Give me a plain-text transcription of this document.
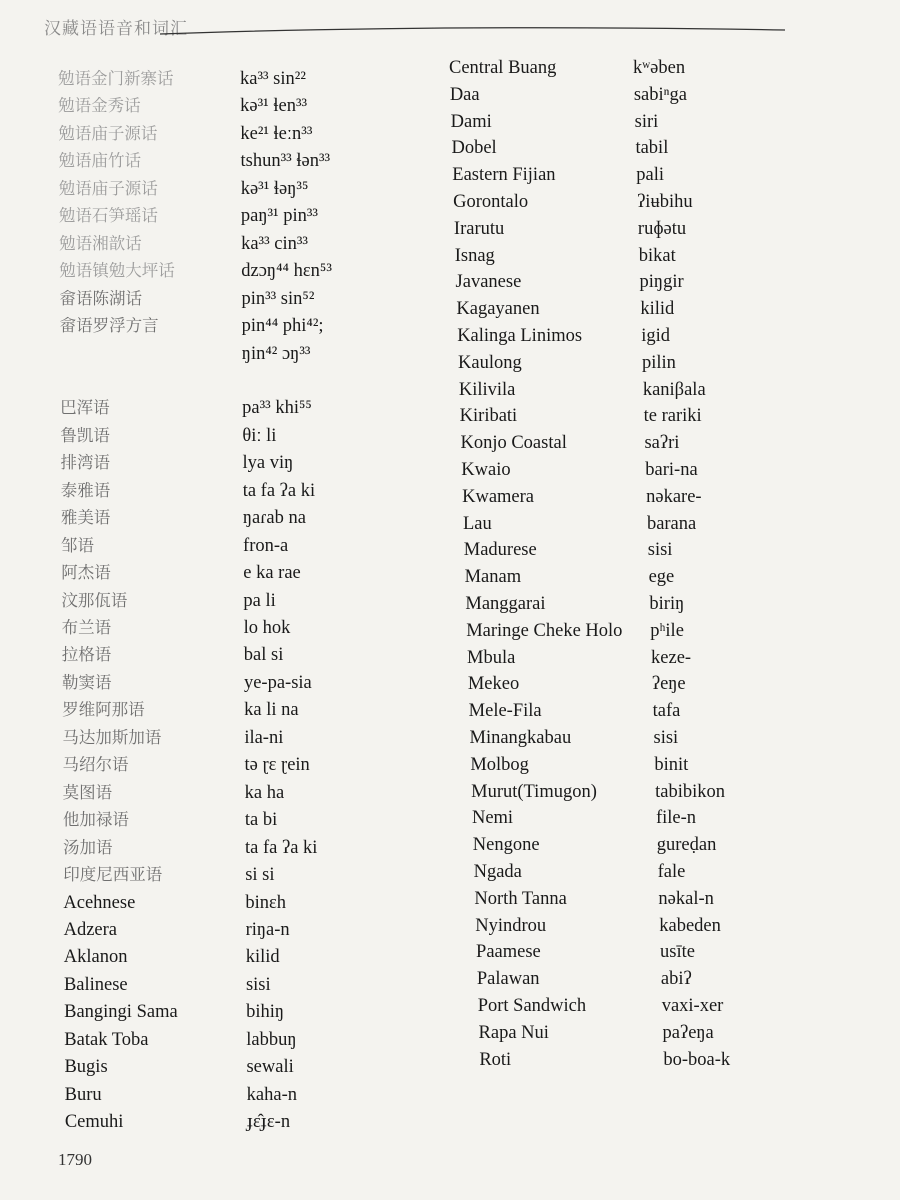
汉藏语语音和词汇
勉语金门新寨话	ka³³ sin²²
勉语金秀话	kə³¹ ɬen³³
勉语庙子源话	ke²¹ ɬeːn³³
勉语庙竹话	tshun³³ ɬən³³
勉语庙子源话	kə³¹ ɬəŋ³⁵
勉语石笋瑶话	paŋ³¹ pin³³
勉语湘歆话	ka³³ cin³³
勉语镇勉大坪话	dzɔŋ⁴⁴ hɛn⁵³
畲语陈湖话	pin³³ sin⁵²
畲语罗浮方言	pin⁴⁴ phi⁴²;
ŋin⁴² ɔŋ³³
巴浑语	pa³³ khi⁵⁵
鲁凯语	θiː li
排湾语	lya viŋ
泰雅语	ta fa ʔa ki
雅美语	ŋaɾab na
邹语	fron-a
阿杰语	e ka rae
汶那佤语	pa li
布兰语	lo hok
拉格语	bal si
勒窦语	ye-pa-sia
罗维阿那语	ka li na
马达加斯加语	ila-ni
马绍尔语	tə ɽɛ ɽein
莫图语	ka ha
他加禄语	ta bi
汤加语	ta fa ʔa ki
印度尼西亚语	si si
Acehnese	binɛh
Adzera	riŋa-n
Aklanon	kilid
Balinese	sisi
Bangingi Sama	bihiŋ
Batak Toba	labbuŋ
Bugis	sewali
Buru	kaha-n
Cemuhi	ɟɛ̂ɟɛ-n
Central Buang	kʷəben
Daa	sabiⁿga
Dami	siri
Dobel	tabil
Eastern Fijian	pali
Gorontalo	ʔiʉbihu
Irarutu	ruɸətu
Isnag	bikat
Javanese	piŋgir
Kagayanen	kilid
Kalinga Linimos	igid
Kaulong	pilin
Kilivila	kaniβala
Kiribati	te rariki
Konjo Coastal	saʔri
Kwaio	bari-na
Kwamera	nəkare-
Lau	barana
Madurese	sisi
Manam	ege
Manggarai	biriŋ
Maringe Cheke Holo pʰile
Mbula	keze-
Mekeo	ʔeŋe
Mele-Fila	tafa
Minangkabau	sisi
Molbog	binit
Murut(Timugon)	tabibikon
Nemi	file-n
Nengone	gureḍan
Ngada	fale
North Tanna	nəkal-n
Nyindrou	kabeden
Paamese	usīte
Palawan	abiʔ
Port Sandwich	vaxi-xer
Rapa Nui	paʔeŋa
Roti	bo-boa-k
1790
